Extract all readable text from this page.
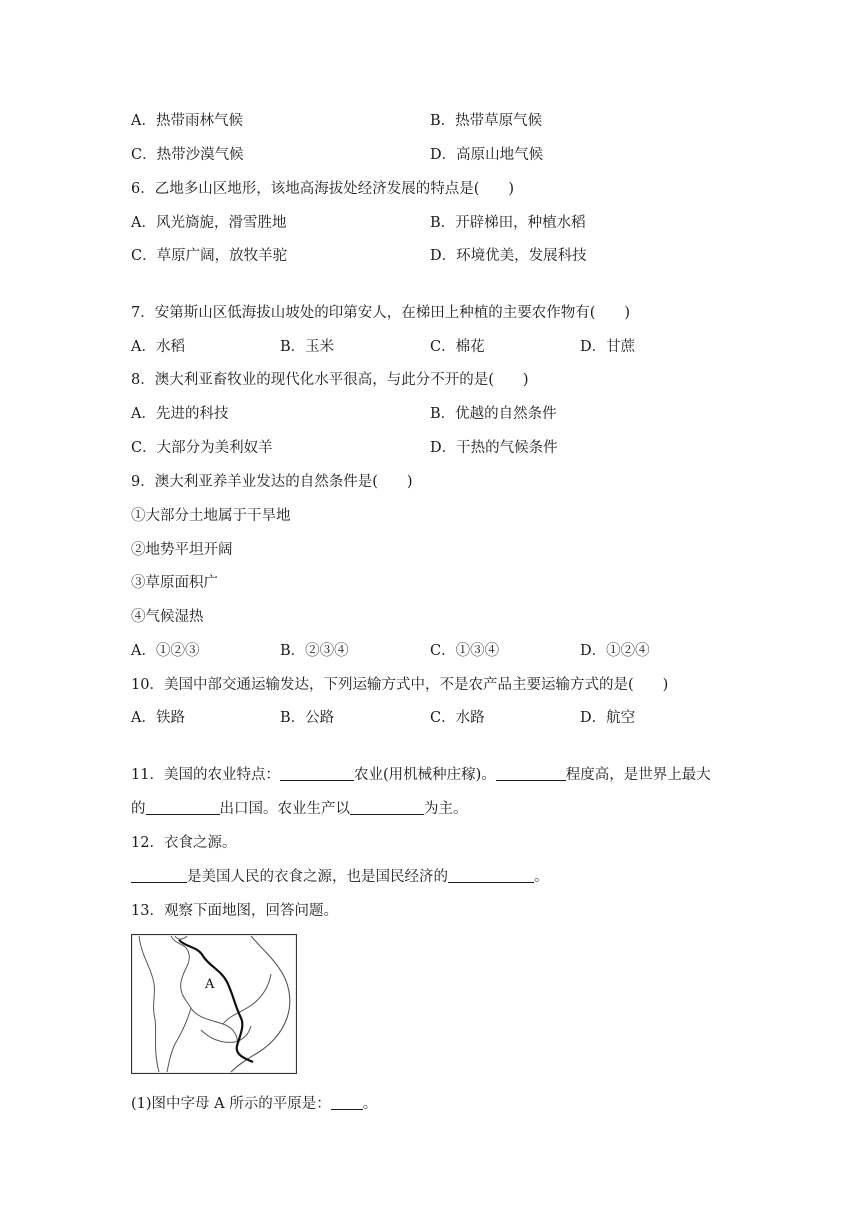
A．热带雨林气候	B．热带草原气候
C．热带沙漠气候	D．高原山地气候
6．乙地多山区地形，该地高海拔处经济发展的特点是(　　)
A．风光旖旎，滑雪胜地	B．开辟梯田，种植水稻
C．草原广阔，放牧羊驼	D．环境优美，发展科技
7．安第斯山区低海拔山坡处的印第安人，在梯田上种植的主要农作物有(　　)
A．水稻	B．玉米	C．棉花	D．甘蔗
8．澳大利亚畜牧业的现代化水平很高，与此分不开的是(　　)
A．先进的科技	B．优越的自然条件
C．大部分为美利奴羊	D．干热的气候条件
9．澳大利亚养羊业发达的自然条件是(　　)
①大部分土地属于干旱地
②地势平坦开阔
③草原面积广
④气候湿热
A．①②③	B．②③④	C．①③④	D．①②④
10．美国中部交通运输发达，下列运输方式中，不是农产品主要运输方式的是(　　)
A．铁路	B．公路	C．水路	D．航空
11．美国的农业特点：	农业(用机械种庄稼)。	程度高，是世界上最大
的	出口国。农业生产以	为主。
12．衣食之源。
是美国人民的衣食之源，也是国民经济的	。
13．观察下面地图，回答问题。
A
(1)图中字母 A 所示的平原是： 。
